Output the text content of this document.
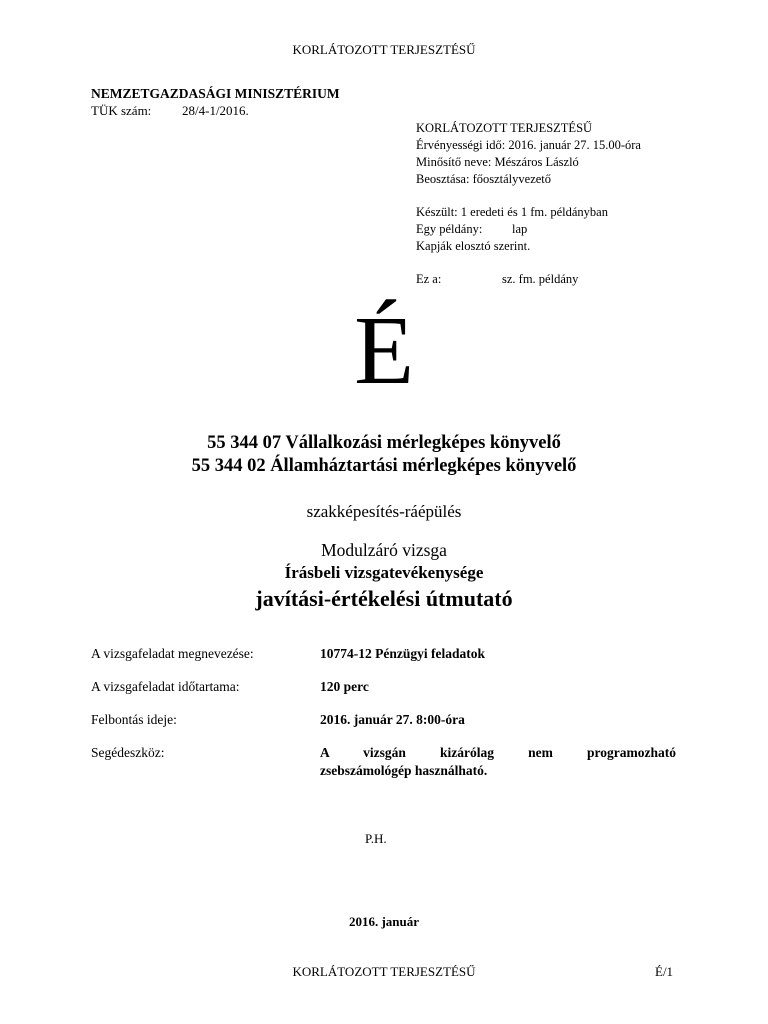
KORLÁTOZOTT TERJESZTÉSŰ
NEMZETGAZDASÁGI MINISZTÉRIUM
TÜK szám: 28/4-1/2016.
KORLÁTOZOTT TERJESZTÉSŰ
Érvényességi idő: 2016. január 27. 15.00-óra
Minősítő neve: Mészáros László
Beosztása: főosztályvezető
Készült: 1 eredeti és 1 fm. példányban
Egy példány: lap
Kapják elosztó szerint.
Ez a:	sz. fm. példány
É
55 344 07 Vállalkozási mérlegképes könyvelő
55 344 02 Államháztartási mérlegképes könyvelő
szakképesítés-ráépülés
Modulzáró vizsga
Írásbeli vizsgatevékenysége
javítási-értékelési útmutató
A vizsgafeladat megnevezése:	10774-12 Pénzügyi feladatok
A vizsgafeladat időtartama:	120 perc
Felbontás ideje:	2016. január 27. 8:00-óra
Segédeszköz:	A vizsgán kizárólag nem programozható
zsebszámológép használható.
P.H.
2016. január
KORLÁTOZOTT TERJESZTÉSŰ	É/1
